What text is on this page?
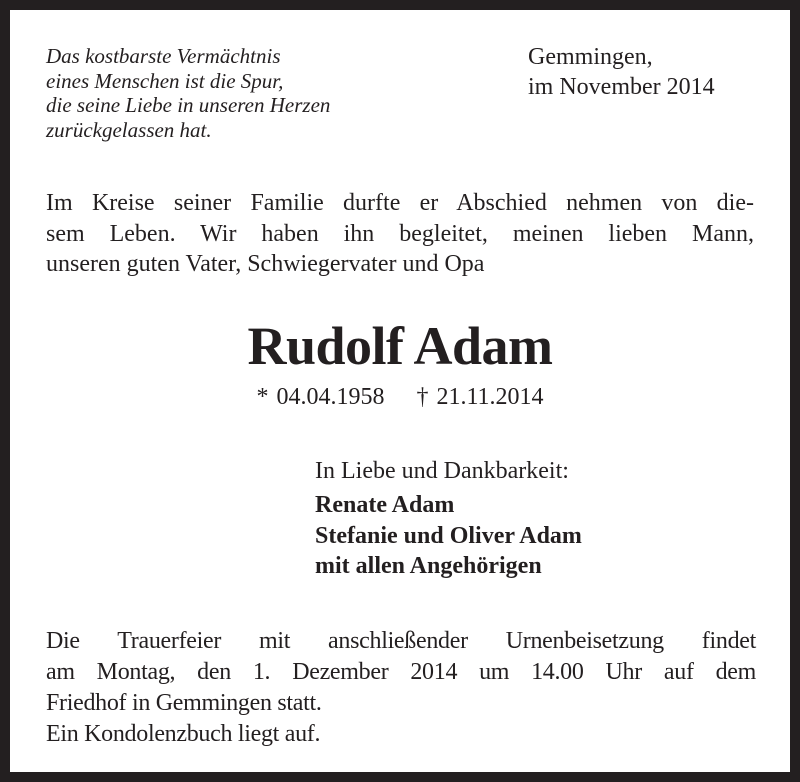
Das kostbarste Vermächtnis
eines Menschen ist die Spur,
die seine Liebe in unseren Herzen
zurückgelassen hat.
Gemmingen,
im November 2014
Im Kreise seiner Familie durfte er Abschied nehmen von die-
sem Leben. Wir haben ihn begleitet, meinen lieben Mann,
unseren guten Vater, Schwiegervater und Opa
Rudolf Adam
* 04.04.1958 † 21.11.2014
In Liebe und Dankbarkeit:
Renate Adam
Stefanie und Oliver Adam
mit allen Angehörigen
Die Trauerfeier mit anschließender Urnenbeisetzung findet
am Montag, den 1. Dezember 2014 um 14.00 Uhr auf dem
Friedhof in Gemmingen statt.
Ein Kondolenzbuch liegt auf.
